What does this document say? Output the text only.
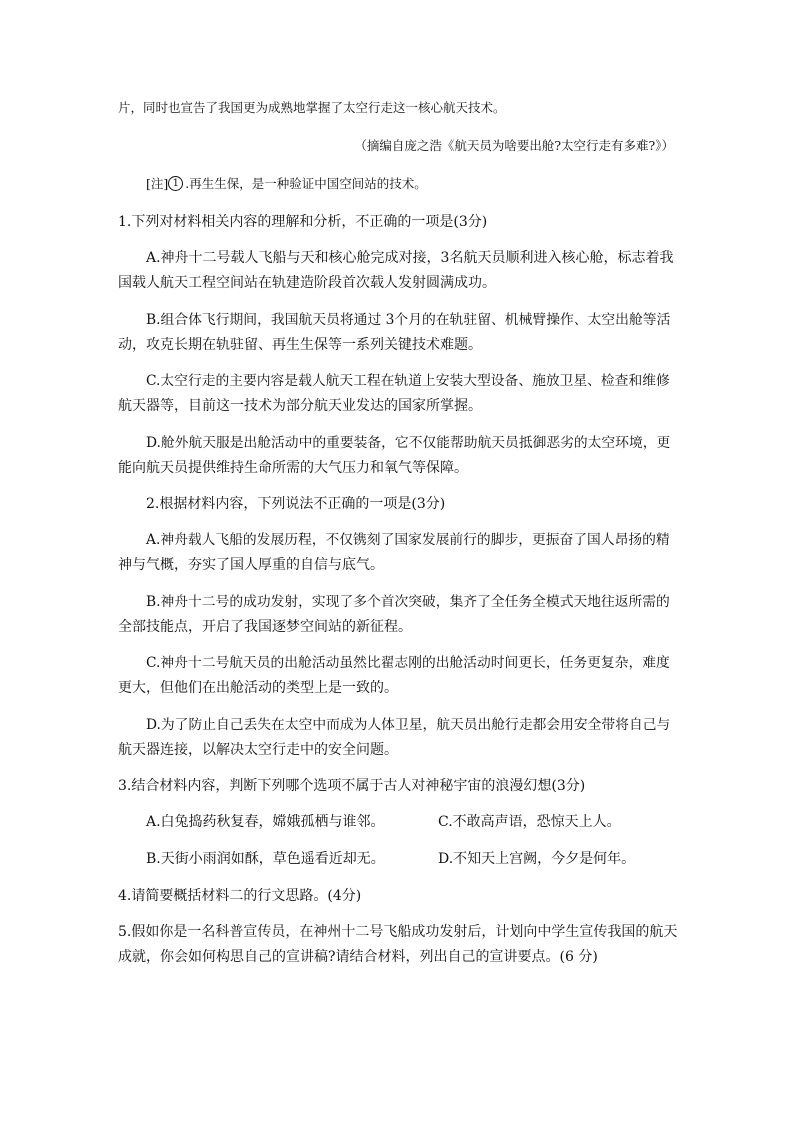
片，同时也宣告了我国更为成熟地掌握了太空行走这一核心航天技术。
（摘编自庞之浩《航天员为啥要出舱?太空行走有多难?》）
[注] 1 .再生生保，是一种验证中国空间站的技术。
1.下列对材料相关内容的理解和分析，不正确的一项是(3分)
A.神舟十二号载人飞船与天和核心舱完成对接，3名航天员顺利进入核心舱，标志着我
国载人航天工程空间站在轨建造阶段首次载人发射圆满成功。
B.组合体飞行期间，我国航天员将通过 3个月的在轨驻留、机械臂操作、太空出舱等活
动，攻克长期在轨驻留、再生生保等一系列关键技术难题。
C.太空行走的主要内容是载人航天工程在轨道上安装大型设备、施放卫星、检查和维修
航天器等，目前这一技术为部分航天业发达的国家所掌握。
D.舱外航天服是出舱活动中的重要装备，它不仅能帮助航天员抵御恶劣的太空环境，更
能向航天员提供维持生命所需的大气压力和氧气等保障。
2.根据材料内容，下列说法不正确的一项是(3分)
A.神舟载人飞船的发展历程，不仅镌刻了国家发展前行的脚步，更振奋了国人昂扬的精
神与气概，夯实了国人厚重的自信与底气。
B.神舟十二号的成功发射，实现了多个首次突破，集齐了全任务全模式天地往返所需的
全部技能点，开启了我国逐梦空间站的新征程。
C.神舟十二号航天员的出舱活动虽然比翟志刚的出舱活动时间更长，任务更复杂，难度
更大，但他们在出舱活动的类型上是一致的。
D.为了防止自己丢失在太空中而成为人体卫星，航天员出舱行走都会用安全带将自己与
航天器连接，以解决太空行走中的安全问题。
3.结合材料内容，判断下列哪个选项不属于古人对神秘宇宙的浪漫幻想(3分)
A.白兔捣药秋复春，嫦娥孤栖与谁邻。	C.不敢高声语，恐惊天上人。
B.天街小雨润如酥，草色遥看近却无。	D.不知天上宫阙，今夕是何年。
4.请简要概括材料二的行文思路。(4分)
5.假如你是一名科普宣传员，在神州十二号飞船成功发射后，计划向中学生宣传我国的航天
成就，你会如何构思自己的宣讲稿?请结合材料，列出自己的宣讲要点。(6 分)
